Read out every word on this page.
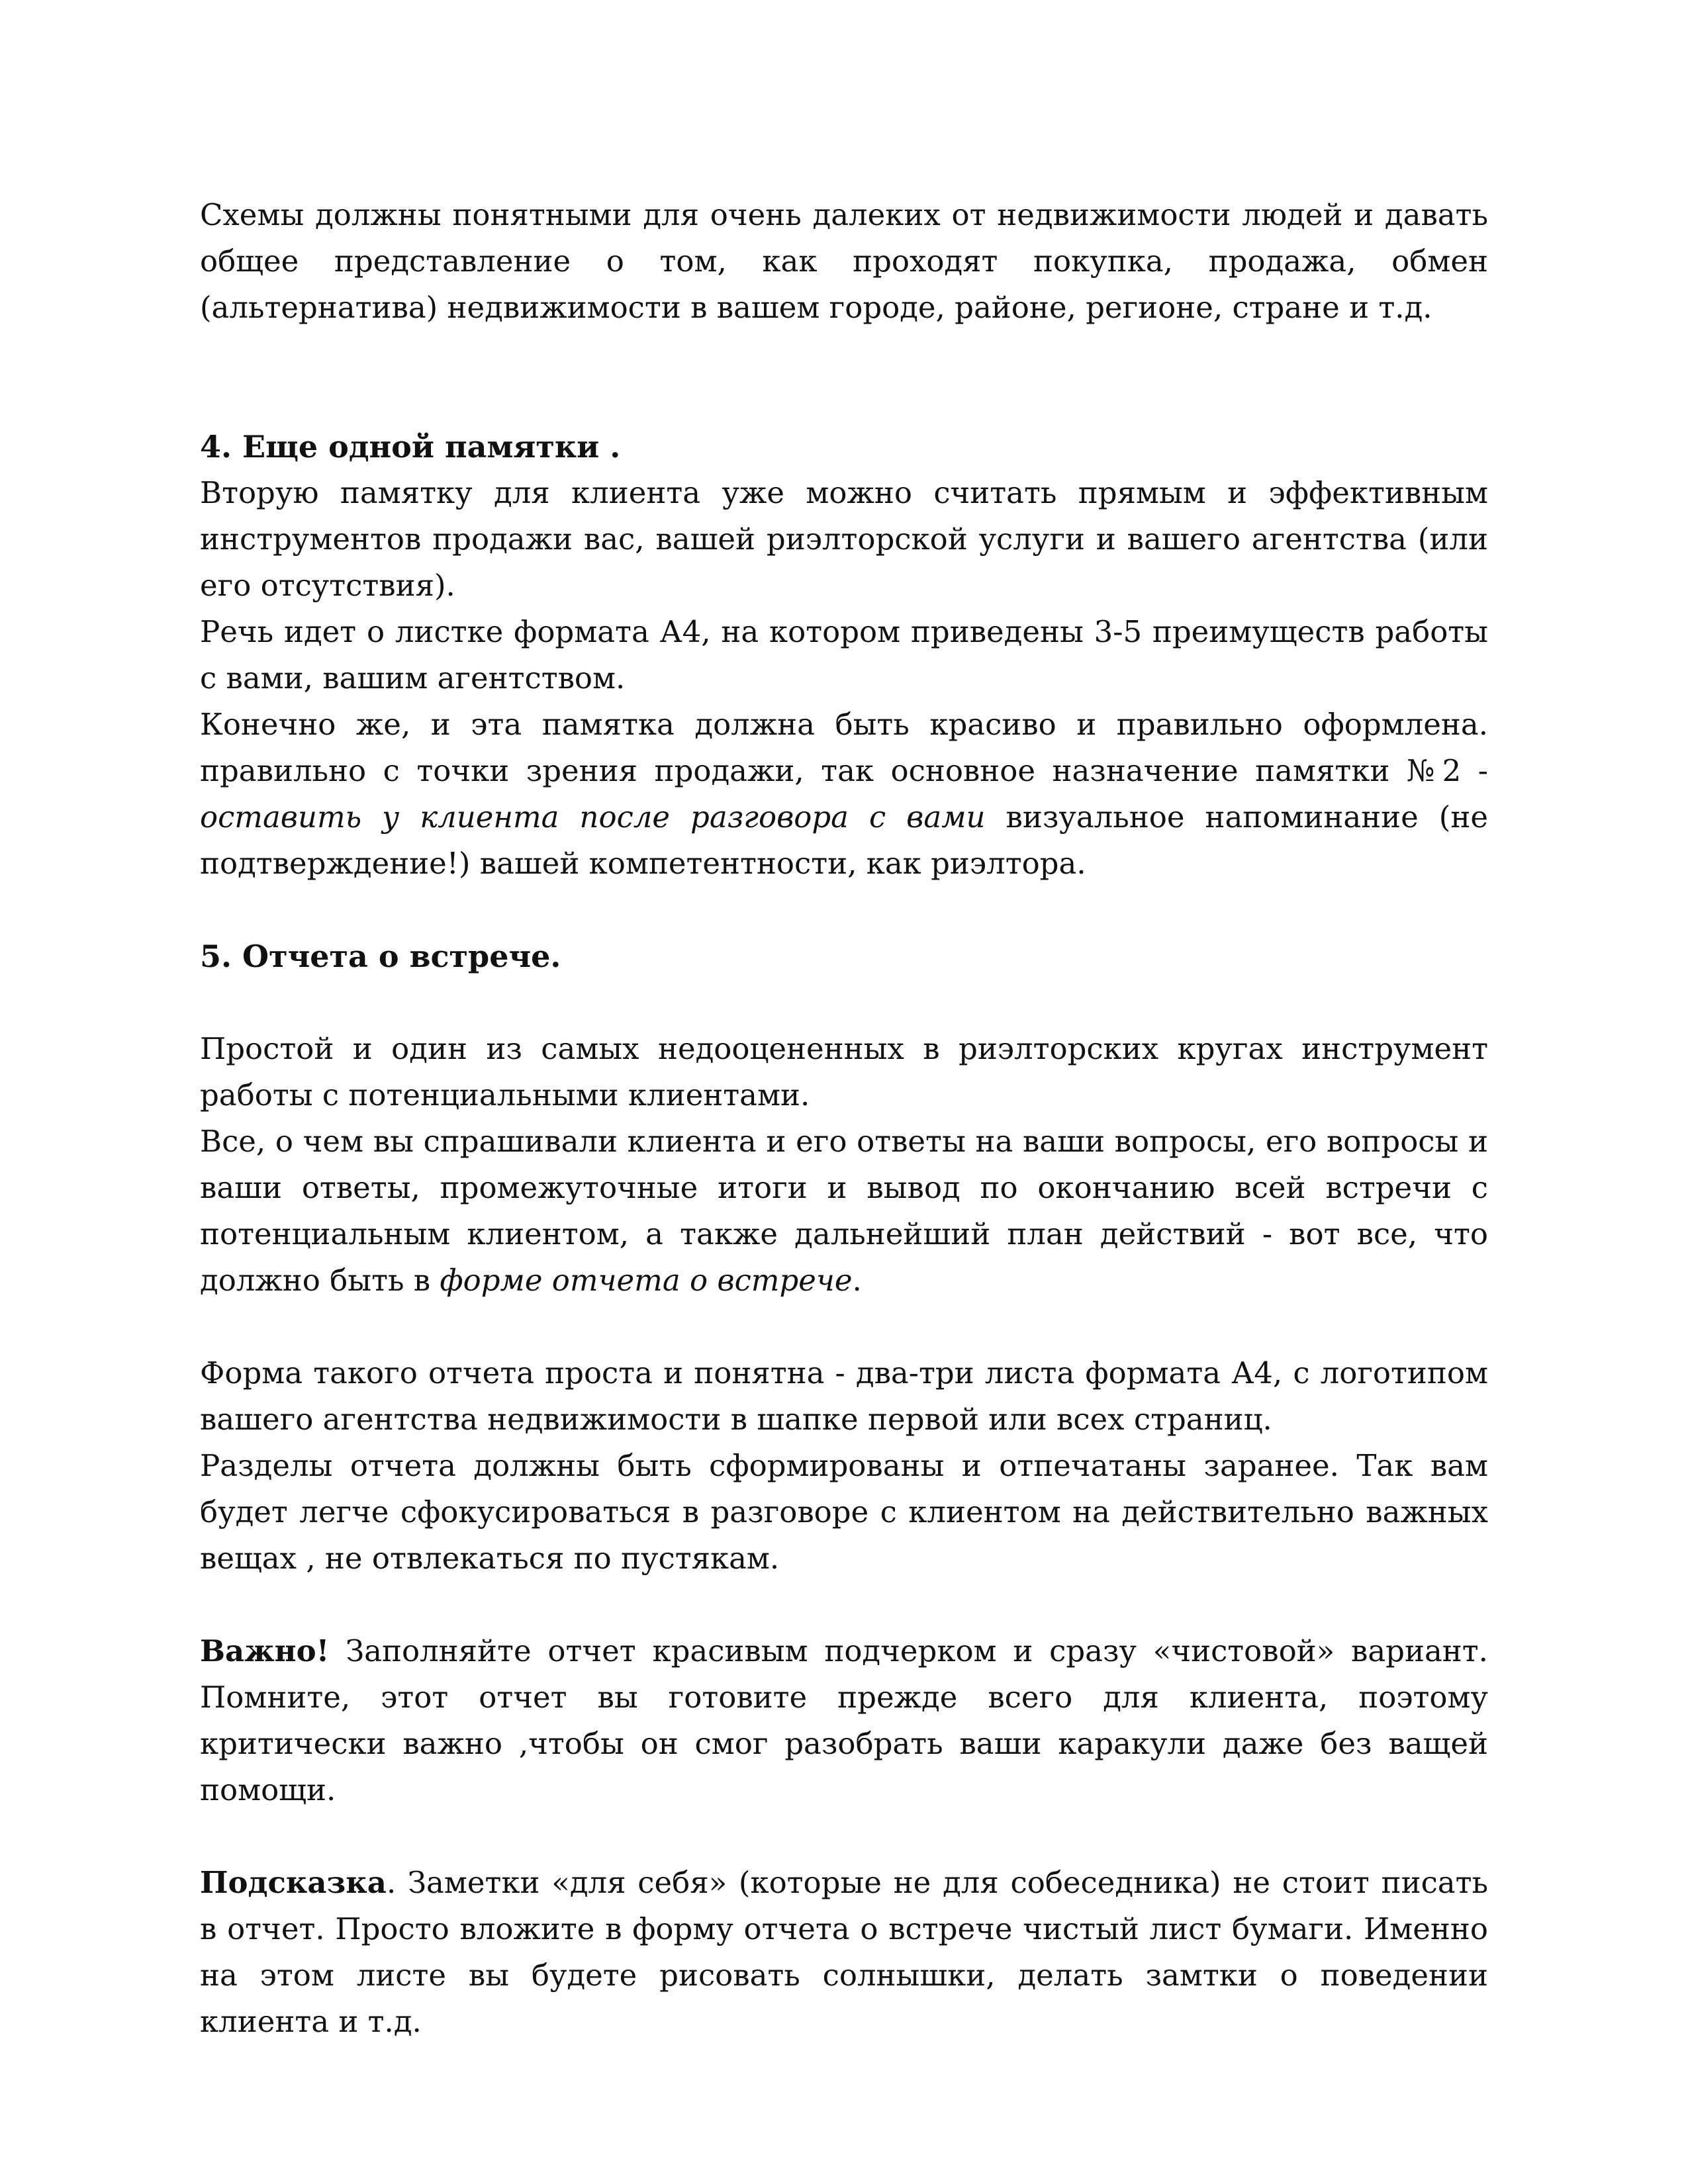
Схемы должны понятными для очень далеких от недвижимости людей и давать общее представление о том, как проходят покупка, продажа, обмен (альтернатива) недвижимости в вашем городе, районе, регионе, стране и т.д.

4. Еще одной памятки .

Вторую памятку для клиента уже можно считать прямым и эффективным инструментов продажи вас, вашей риэлторской услуги и вашего агентства (или его отсутствия).

Речь идет о листке формата А4, на котором приведены 3-5 преимуществ работы с вами, вашим агентством.

Конечно же, и эта памятка должна быть красиво и правильно оформлена. правильно с точки зрения продажи, так основное назначение памятки №2 - оставить у клиента после разговора с вами визуальное напоминание (не подтверждение!) вашей компетентности, как риэлтора.

5. Отчета о встрече.

Простой и один из самых недооцененных в риэлторских кругах инструмент работы с потенциальными клиентами.

Все, о чем вы спрашивали клиента и его ответы на ваши вопросы, его вопросы и ваши ответы, промежуточные итоги и вывод по окончанию всей встречи с потенциальным клиентом, а также дальнейший план действий - вот все, что должно быть в форме отчета о встрече.

Форма такого отчета проста и понятна - два-три листа формата А4, с логотипом вашего агентства недвижимости в шапке первой или всех страниц.

Разделы отчета должны быть сформированы и отпечатаны заранее. Так вам будет легче сфокусироваться в разговоре с клиентом на действительно важных вещах , не отвлекаться по пустякам.

Важно! Заполняйте отчет красивым подчерком и сразу «чистовой» вариант. Помните, этот отчет вы готовите прежде всего для клиента, поэтому критически важно ,чтобы он смог разобрать ваши каракули даже без ващей помощи.

Подсказка. Заметки «для себя» (которые не для собеседника) не стоит писать в отчет. Просто вложите в форму отчета о встрече чистый лист бумаги. Именно на этом листе вы будете рисовать солнышки, делать замтки о поведении клиента и т.д.
